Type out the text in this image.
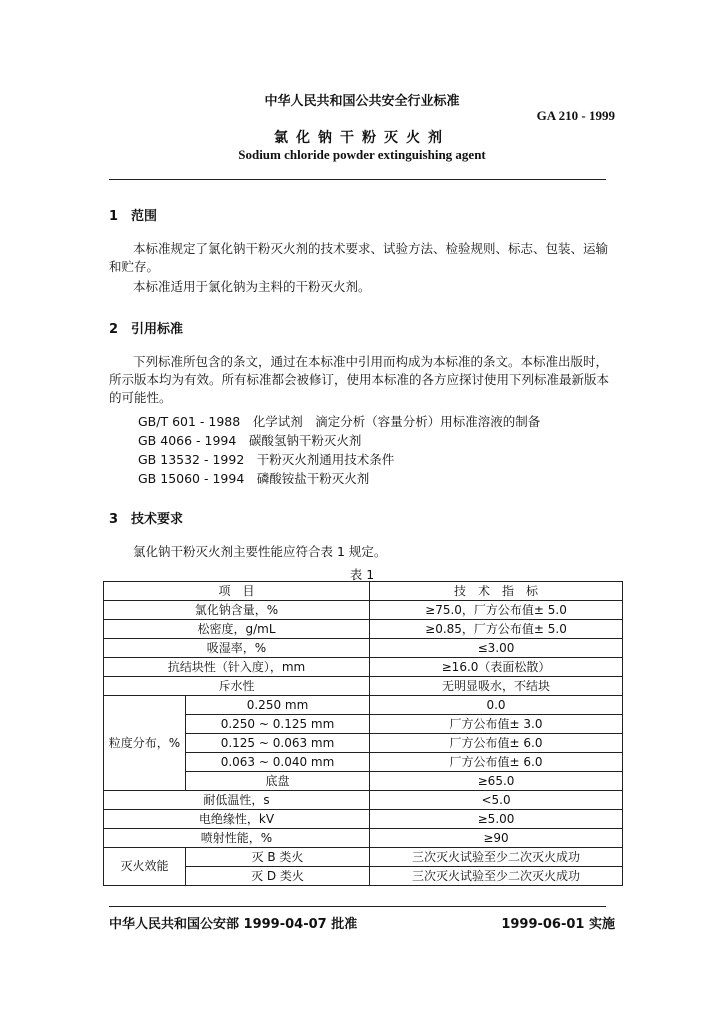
中华人民共和国公共安全行业标准
GA 210 - 1999
氯化钠干粉灭火剂
Sodium chloride powder extinguishing agent
1 范围
本标准规定了氯化钠干粉灭火剂的技术要求、试验方法、检验规则、标志、包装、运输和贮存。
本标准适用于氯化钠为主料的干粉灭火剂。
2 引用标准
下列标准所包含的条文，通过在本标准中引用而构成为本标准的条文。本标准出版时，所示版本均为有效。所有标准都会被修订，使用本标准的各方应探讨使用下列标准最新版本的可能性。
GB/T 601 - 1988　化学试剂　滴定分析（容量分析）用标准溶液的制备
GB 4066 - 1994　碳酸氢钠干粉灭火剂
GB 13532 - 1992　干粉灭火剂通用技术条件
GB 15060 - 1994　磷酸铵盐干粉灭火剂
3 技术要求
氯化钠干粉灭火剂主要性能应符合表 1 规定。
表 1
项　目		技　术　指　标
氯化钠含量，%		≥75.0，厂方公布值± 5.0
松密度，g/mL		≥0.85，厂方公布值± 5.0
吸湿率，%		≤3.00
抗结块性（针入度），mm		≥16.0（表面松散）
斥水性		无明显吸水，不结块
粒度分布，%	0.250 mm	0.0
	0.250 ~ 0.125 mm	厂方公布值± 3.0
	0.125 ~ 0.063 mm	厂方公布值± 6.0
	0.063 ~ 0.040 mm	厂方公布值± 6.0
	底盘	≥65.0
耐低温性，s		<5.0
电绝缘性，kV		≥5.00
喷射性能，%		≥90
灭火效能	灭 B 类火	三次灭火试验至少二次灭火成功
	灭 D 类火	三次灭火试验至少二次灭火成功
中华人民共和国公安部 1999-04-07 批准	1999-06-01 实施
